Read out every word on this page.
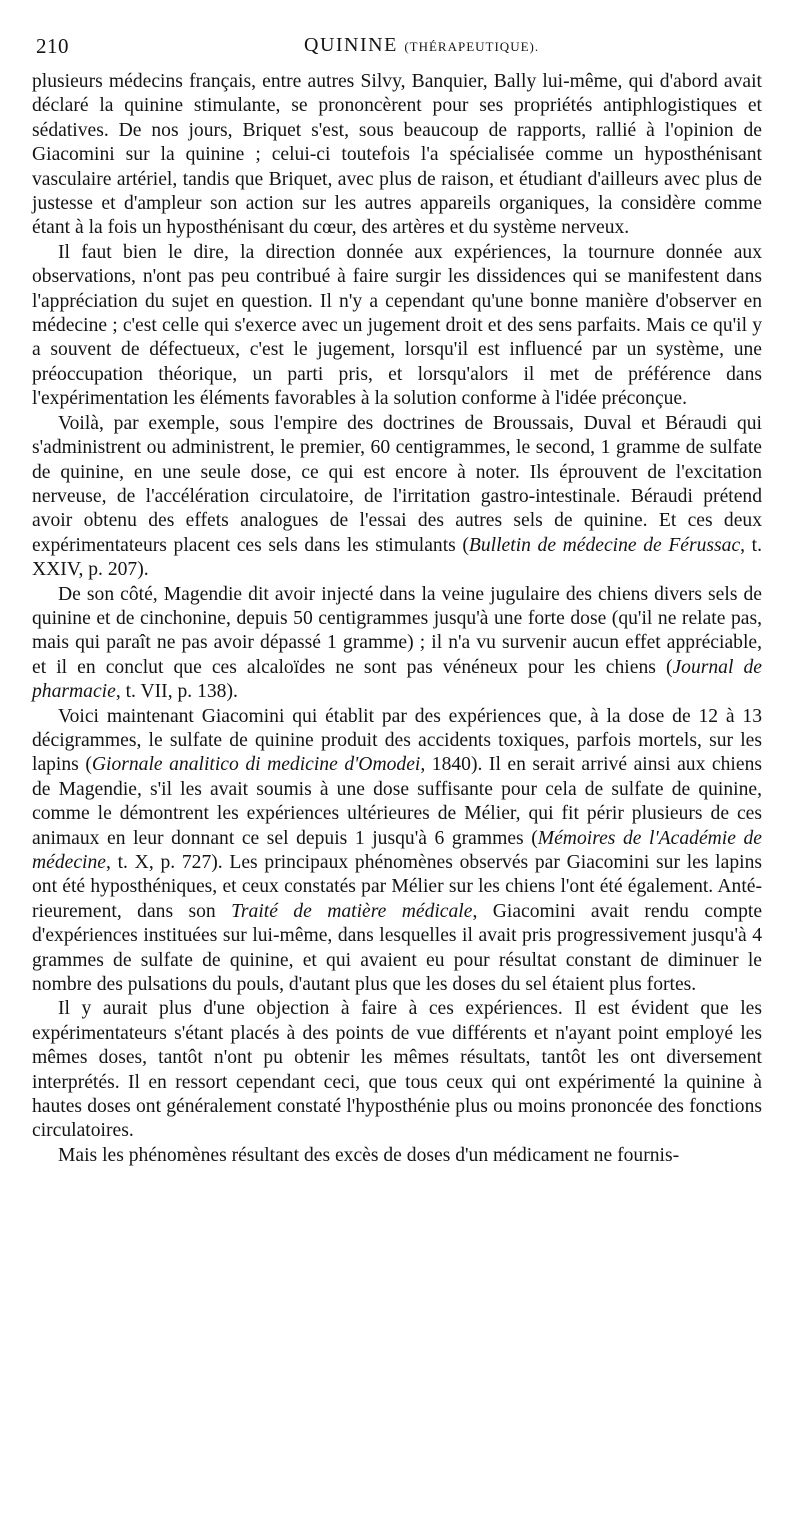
210	QUININE (THÉRAPEUTIQUE).

plusieurs médecins français, entre autres Silvy, Banquier, Bally lui-même, qui d'abord avait déclaré la quinine stimulante, se prononcèrent pour ses propriétés antiphlogistiques et sédatives. De nos jours, Briquet s'est, sous beaucoup de rapports, rallié à l'opinion de Giacomini sur la quinine ; celui-ci toutefois l'a spécialisée comme un hyposthénisant vasculaire artériel, tandis que Briquet, avec plus de raison, et étudiant d'ailleurs avec plus de justesse et d'ampleur son action sur les autres appareils organiques, la considère comme étant à la fois un hyposthénisant du cœur, des artères et du système nerveux.

Il faut bien le dire, la direction donnée aux expériences, la tournure donnée aux observations, n'ont pas peu contribué à faire surgir les dissidences qui se manifestent dans l'appréciation du sujet en question. Il n'y a cependant qu'une bonne manière d'observer en médecine ; c'est celle qui s'exerce avec un jugement droit et des sens parfaits. Mais ce qu'il y a souvent de défectueux, c'est le jugement, lorsqu'il est influencé par un système, une préoccupation théorique, un parti pris, et lorsqu'alors il met de préférence dans l'expérimentation les éléments favorables à la solution conforme à l'idée préconçue.

Voilà, par exemple, sous l'empire des doctrines de Broussais, Duval et Béraudi qui s'administrent ou administrent, le premier, 60 centigrammes, le second, 1 gramme de sulfate de quinine, en une seule dose, ce qui est encore à noter. Ils éprouvent de l'excitation nerveuse, de l'accélération circulatoire, de l'irritation gastro-intestinale. Béraudi prétend avoir obtenu des effets analogues de l'essai des autres sels de quinine. Et ces deux expérimentateurs placent ces sels dans les stimulants (Bulletin de médecine de Férussac, t. XXIV, p. 207).

De son côté, Magendie dit avoir injecté dans la veine jugulaire des chiens divers sels de quinine et de cinchonine, depuis 50 centigrammes jusqu'à une forte dose (qu'il ne relate pas, mais qui paraît ne pas avoir dépassé 1 gramme) ; il n'a vu survenir aucun effet appréciable, et il en conclut que ces alcaloïdes ne sont pas vénéneux pour les chiens (Journal de pharmacie, t. VII, p. 138).

Voici maintenant Giacomini qui établit par des expériences que, à la dose de 12 à 13 décigrammes, le sulfate de quinine produit des accidents toxiques, parfois mortels, sur les lapins (Giornale analitico di medicine d'Omodei, 1840). Il en serait arrivé ainsi aux chiens de Magendie, s'il les avait soumis à une dose suffisante pour cela de sulfate de quinine, comme le démontrent les expériences ultérieures de Mélier, qui fit périr plusieurs de ces animaux en leur donnant ce sel depuis 1 jusqu'à 6 grammes (Mémoires de l'Académie de médecine, t. X, p. 727). Les principaux phénomènes observés par Giacomini sur les lapins ont été hyposthéniques, et ceux constatés par Mélier sur les chiens l'ont été également. Antérieurement, dans son Traité de matière médicale, Giacomini avait rendu compte d'expériences instituées sur lui-même, dans lesquelles il avait pris progressivement jusqu'à 4 grammes de sulfate de quinine, et qui avaient eu pour résultat constant de diminuer le nombre des pulsations du pouls, d'autant plus que les doses du sel étaient plus fortes.

Il y aurait plus d'une objection à faire à ces expériences. Il est évident que les expérimentateurs s'étant placés à des points de vue différents et n'ayant point employé les mêmes doses, tantôt n'ont pu obtenir les mêmes résultats, tantôt les ont diversement interprétés. Il en ressort cependant ceci, que tous ceux qui ont expérimenté la quinine à hautes doses ont généralement constaté l'hyposthénie plus ou moins prononcée des fonctions circulatoires.

Mais les phénomènes résultant des excès de doses d'un médicament ne fournis-
